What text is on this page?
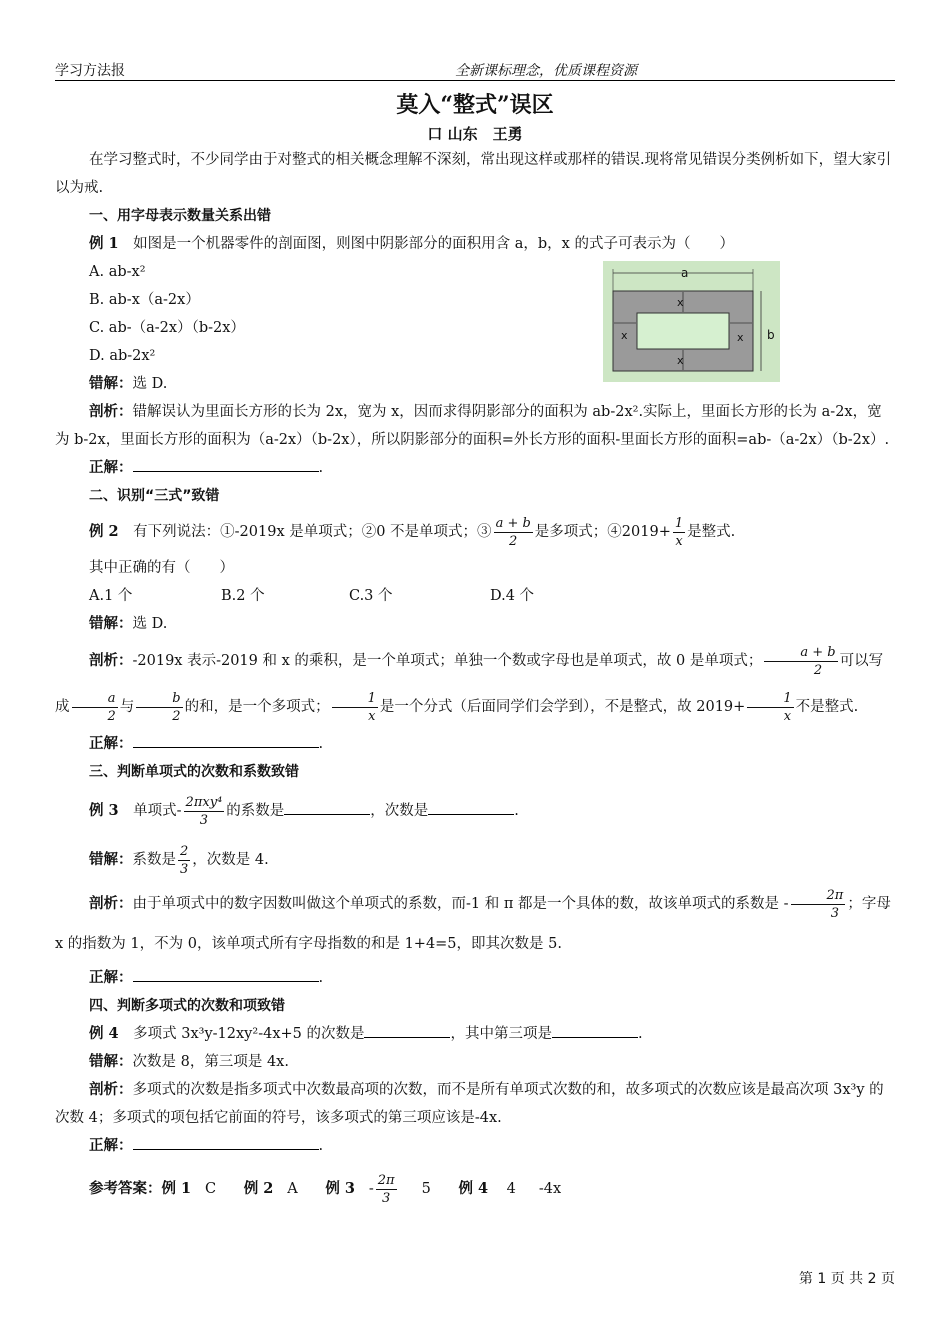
学习方法报	全新课标理念，优质课程资源
莫入“整式”误区
口 山东　王勇

在学习整式时，不少同学由于对整式的相关概念理解不深刻，常出现这样或那样的错误.现将常见错误分类例析如下，望大家引以为戒.

一、用字母表示数量关系出错

例 1　 如图是一个机器零件的剖面图，则图中阴影部分的面积用含 a，b，x 的式子可表示为（　　）

A. ab-x²

B. ab-x（a-2x）

C. ab-（a-2x）（b-2x）

D. ab-2x²

错解：选 D.

剖析：错解误认为里面长方形的长为 2x，宽为 x，因而求得阴影部分的面积为 ab-2x².实际上，里面长方形的长为 a-2x，宽为 b-2x，里面长方形的面积为（a-2x）（b-2x），所以阴影部分的面积=外长方形的面积-里面长方形的面积=ab-（a-2x）（b-2x）.

正解：	.

二、识别“三式”致错

例 2　 有下列说法：①-2019x 是单项式；②0 不是单项式；③ $\frac{a + b}{2}$ 是多项式；④2019+ $\frac{1}{x}$ 是整式.

其中正确的有（　　）

A.1 个	B.2 个	C.3 个	D.4 个

错解：选 D.

剖析：-2019x 表示-2019 和 x 的乘积，是一个单项式；单独一个数或字母也是单项式，故 0 是单项式； $\frac{a + b}{2}$ 可以写成 $\frac{a}{2}$ 与 $\frac{b}{2}$ 的和，是一个多项式； $\frac{1}{x}$ 是一个分式（后面同学们会学到），不是整式，故 $2019+ \frac{1}{x}$ 不是整式.

正解：	.

三、判断单项式的次数和系数致错

例 3　 单项式- $\frac{\text{2πxy⁴}}{3}$ 的系数是	，次数是	.

错解：系数是 $\frac{2}{3}$ ，次数是 4.

剖析：由于单项式中的数字因数叫做这个单项式的系数，而-1 和 π 都是一个具体的数，故该单项式的系数是 - $\frac{2\pi}{3}$ ；字母 x 的指数为 1，不为 0，该单项式所有字母指数的和是 1+4=5，即其次数是 5.

正解：	.

四、判断多项式的次数和项致错

例 4　 多项式 3x³y-12xy²-4x+5 的次数是	，其中第三项是	.

错解：次数是 8，第三项是 4x.

剖析：多项式的次数是指多项式中次数最高项的次数，而不是所有单项式次数的和，故多项式的次数应该是最高次项 3x³y 的次数 4；多项式的项包括它前面的符号，该多项式的第三项应该是-4x.

正解：	.

参考答案：例 1 C 例 2 A 例 $3 - \frac{2\pi}{3} 5$ 例 4 4 -4x

a
b
x
x
x	x
第 1 页 共 2 页
